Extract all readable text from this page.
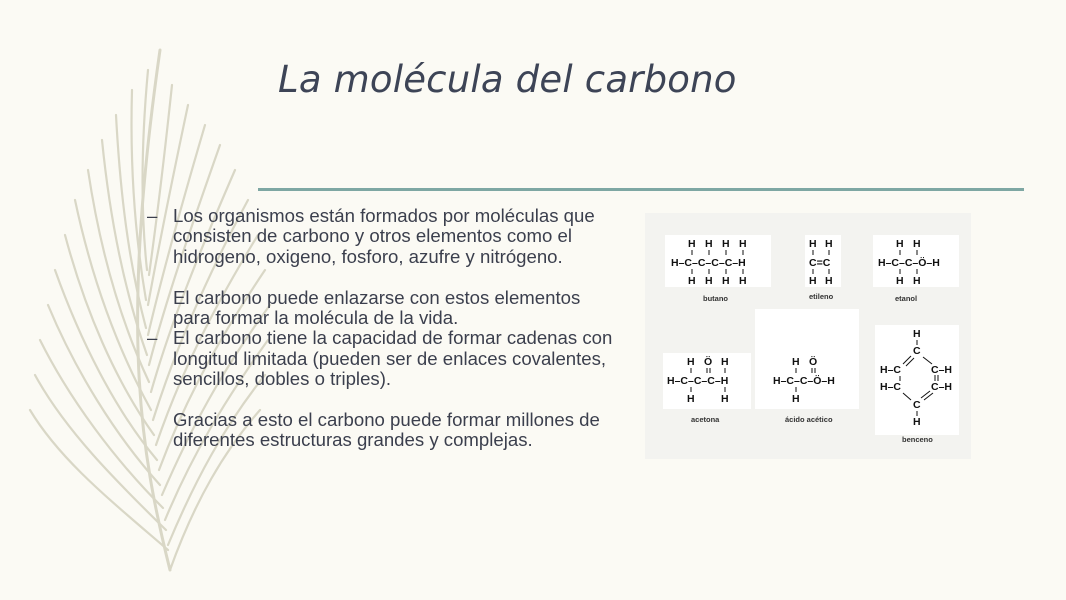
La molécula del carbono

– Los organismos están formados por moléculas que consisten de carbono y otros elementos como el hidrogeno, oxigeno, fosforo, azufre y nitrógeno.

El carbono puede enlazarse con estos elementos para formar la molécula de la vida.

– El carbono tiene la capacidad de formar cadenas con longitud limitada (pueden ser de enlaces covalentes, sencillos, dobles o triples).

Gracias a esto el carbono puede formar millones de diferentes estructuras grandes y complejas.

H H H H
H–C–C–C–C–H
H H H H
butano
H H
C=C
H H
etileno
H H
H–C–C–Ö–H
H H
etanol
H Ö H
H–C–C–C–H
H	H
acetona
H Ö
H–C–C–Ö–H
H
ácido acético
H
C
H–C	C–H
H–C	C–H
C
H
benceno
